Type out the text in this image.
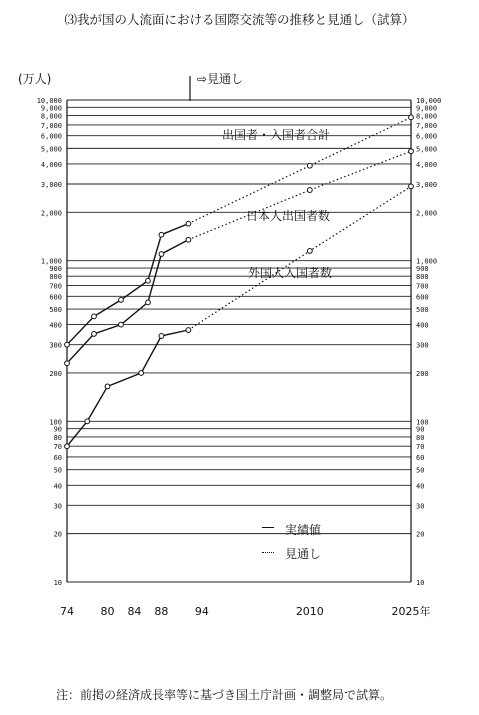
10	10
20	20
30	30
40	40
50	50
60	60
70	70
80	80
90	90
100	100
200	200
300	300
400	400
500	500
600	600
700	700
800	800
900	900
1,000	1,000
2,000	2,000
3,000	3,000
4,000	4,000
5,000	5,000
6,000	6,000
7,000	7,000
8,000	8,000
9,000	9,000
10,000	10,000
74 80 84 88 94	2010	2025年
⑶我が国の人流面における国際交流等の推移と見通し（試算）
(万人)	⇨見通し
出国者・入国者合計
日本人出国者数
外国人入国者数
実績値
見通し
注：前掲の経済成長率等に基づき国土庁計画・調整局で試算。
